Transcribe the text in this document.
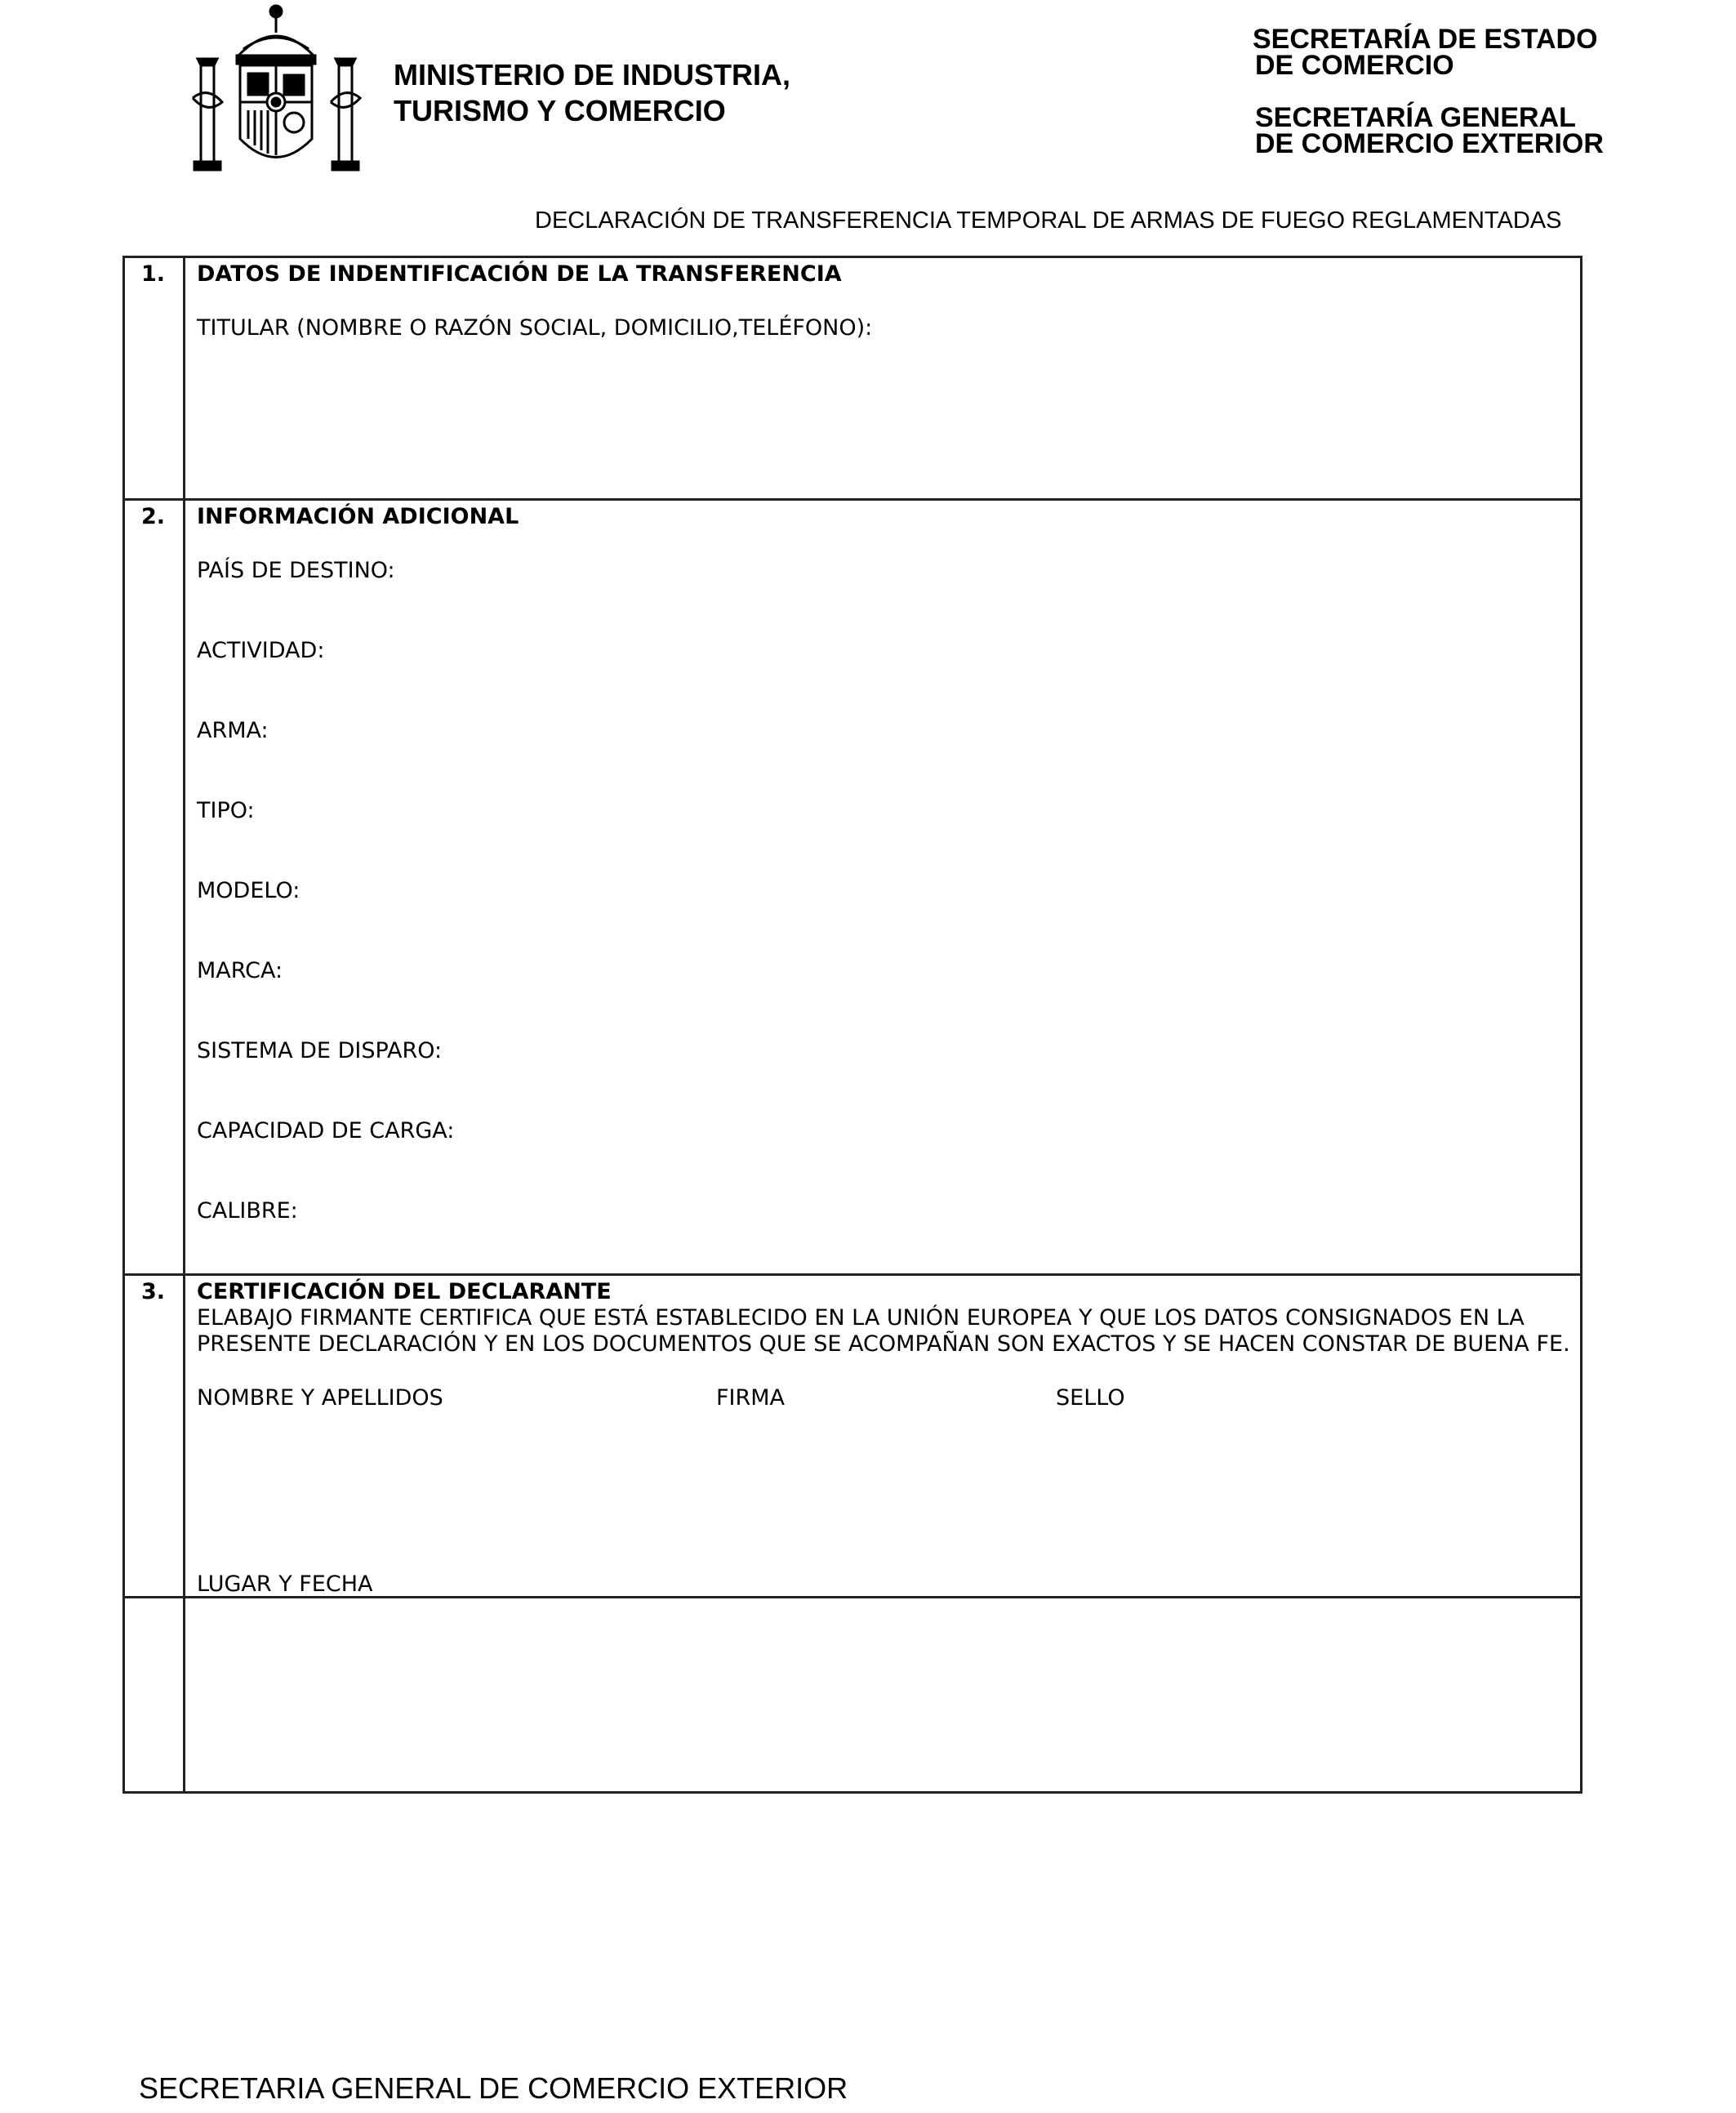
MINISTERIO DE INDUSTRIA,
TURISMO Y COMERCIO
SECRETARÍA DE ESTADO
DE COMERCIO
SECRETARÍA GENERAL
DE COMERCIO EXTERIOR
DECLARACIÓN DE TRANSFERENCIA TEMPORAL DE ARMAS DE FUEGO REGLAMENTADAS
1. DATOS DE INDENTIFICACIÓN DE LA TRANSFERENCIA
TITULAR (NOMBRE O RAZÓN SOCIAL, DOMICILIO,TELÉFONO):
2. INFORMACIÓN ADICIONAL
PAÍS DE DESTINO:
ACTIVIDAD:
ARMA:
TIPO:
MODELO:
MARCA:
SISTEMA DE DISPARO:
CAPACIDAD DE CARGA:
CALIBRE:
3. CERTIFICACIÓN DEL DECLARANTE
ELABAJO FIRMANTE CERTIFICA QUE ESTÁ ESTABLECIDO EN LA UNIÓN EUROPEA Y QUE LOS DATOS CONSIGNADOS EN LA
PRESENTE DECLARACIÓN Y EN LOS DOCUMENTOS QUE SE ACOMPAÑAN SON EXACTOS Y SE HACEN CONSTAR DE BUENA FE.
NOMBRE Y APELLIDOS	FIRMA	SELLO
LUGAR Y FECHA
SECRETARIA GENERAL DE COMERCIO EXTERIOR
